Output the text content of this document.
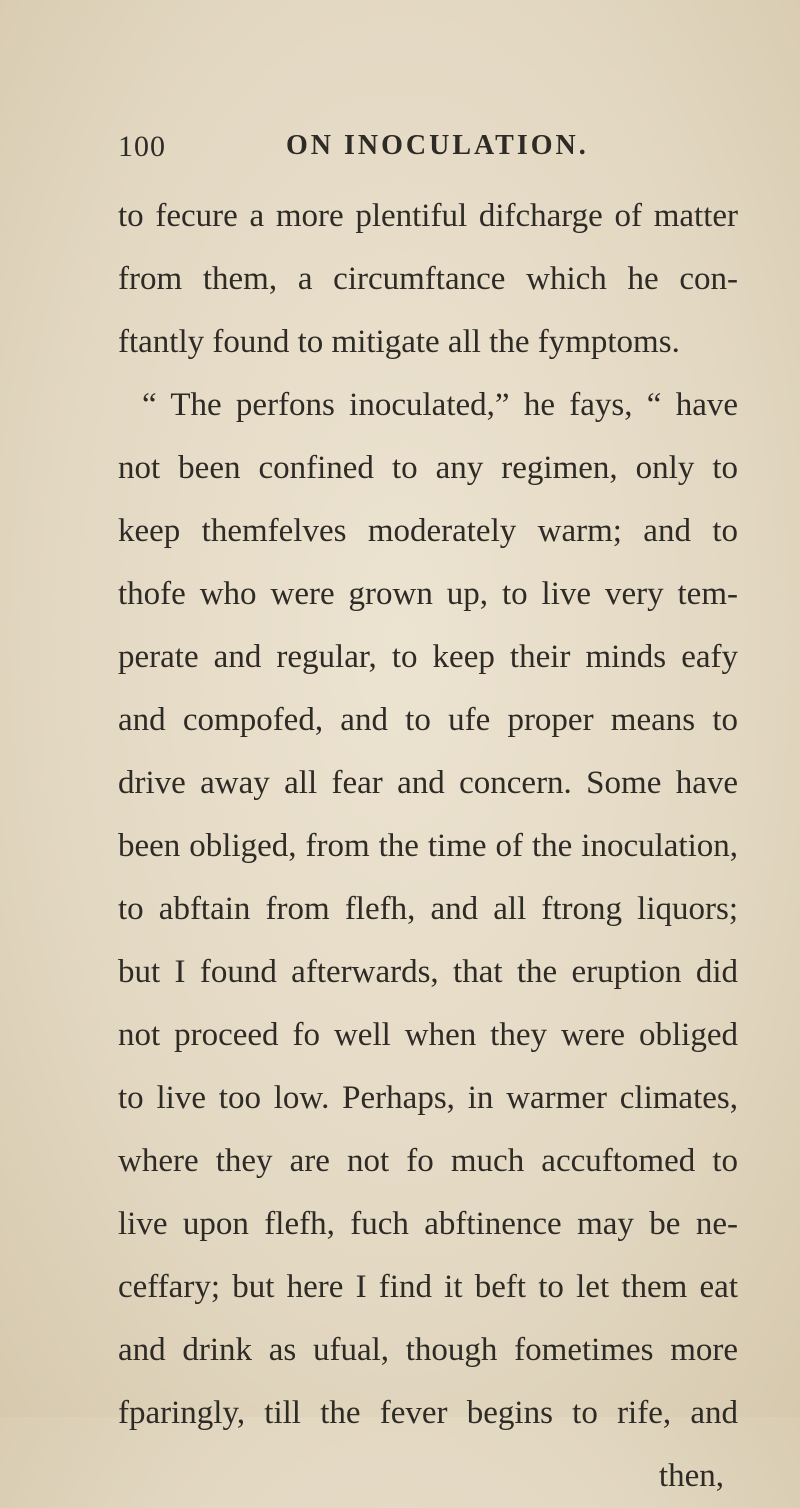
100	ON INOCULATION.
to fecure a more plentiful difcharge of matter
from them, a circumftance which he con-
ftantly found to mitigate all the fymptoms.
“ The perfons inoculated,” he fays, “ have
not been confined to any regimen, only to
keep themfelves moderately warm; and to
thofe who were grown up, to live very tem-
perate and regular, to keep their minds eafy
and compofed, and to ufe proper means to
drive away all fear and concern. Some have
been obliged, from the time of the inoculation,
to abftain from flefh, and all ftrong liquors;
but I found afterwards, that the eruption did
not proceed fo well when they were obliged
to live too low. Perhaps, in warmer climates,
where they are not fo much accuftomed to
live upon flefh, fuch abftinence may be ne-
ceffary; but here I find it beft to let them eat
and drink as ufual, though fometimes more
fparingly, till the fever begins to rife, and
then,
